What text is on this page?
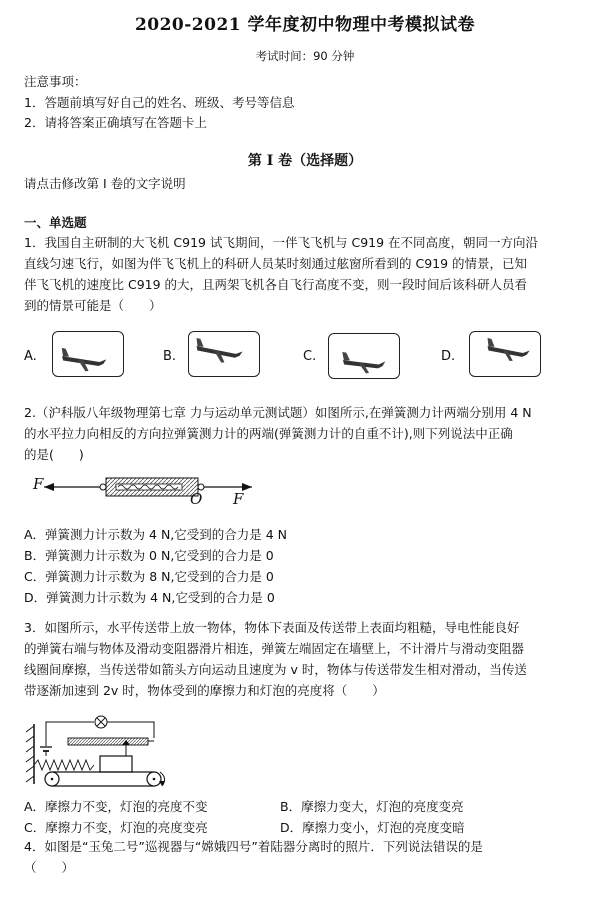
2020-2021 学年度初中物理中考模拟试卷
考试时间：90 分钟
注意事项：
1．答题前填写好自己的姓名、班级、考号等信息
2．请将答案正确填写在答题卡上
第 I 卷（选择题）
请点击修改第 I 卷的文字说明
一、单选题
1．我国自主研制的大飞机 C919 试飞期间，一伴飞飞机与 C919 在不同高度，朝同一方向沿
直线匀速飞行，如图为伴飞飞机上的科研人员某时刻通过舷窗所看到的 C919 的情景，已知
伴飞飞机的速度比 C919 的大，且两架飞机各自飞行高度不变，则一段时间后该科研人员看
到的情景可能是（　　）
A.	B.	C.	D.
2.（沪科版八年级物理第七章 力与运动单元测试题）如图所示,在弹簧测力计两端分别用 4 N
的水平拉力向相反的方向拉弹簧测力计的两端(弹簧测力计的自重不计),则下列说法中正确
的是(　　)
F
O F
A．弹簧测力计示数为 4 N,它受到的合力是 4 N
B．弹簧测力计示数为 0 N,它受到的合力是 0
C．弹簧测力计示数为 8 N,它受到的合力是 0
D．弹簧测力计示数为 4 N,它受到的合力是 0
3．如图所示，水平传送带上放一物体，物体下表面及传送带上表面均粗糙，导电性能良好
的弹簧右端与物体及滑动变阻器滑片相连，弹簧左端固定在墙壁上，不计滑片与滑动变阻器
线圈间摩擦，当传送带如箭头方向运动且速度为 v 时，物体与传送带发生相对滑动，当传送
带逐渐加速到 2v 时，物体受到的摩擦力和灯泡的亮度将（　　）
A．摩擦力不变，灯泡的亮度不变	B．摩擦力变大，灯泡的亮度变亮
C．摩擦力不变，灯泡的亮度变亮	D．摩擦力变小，灯泡的亮度变暗
4．如图是“玉兔二号”巡视器与“嫦娥四号”着陆器分离时的照片．下列说法错误的是
（　　）
